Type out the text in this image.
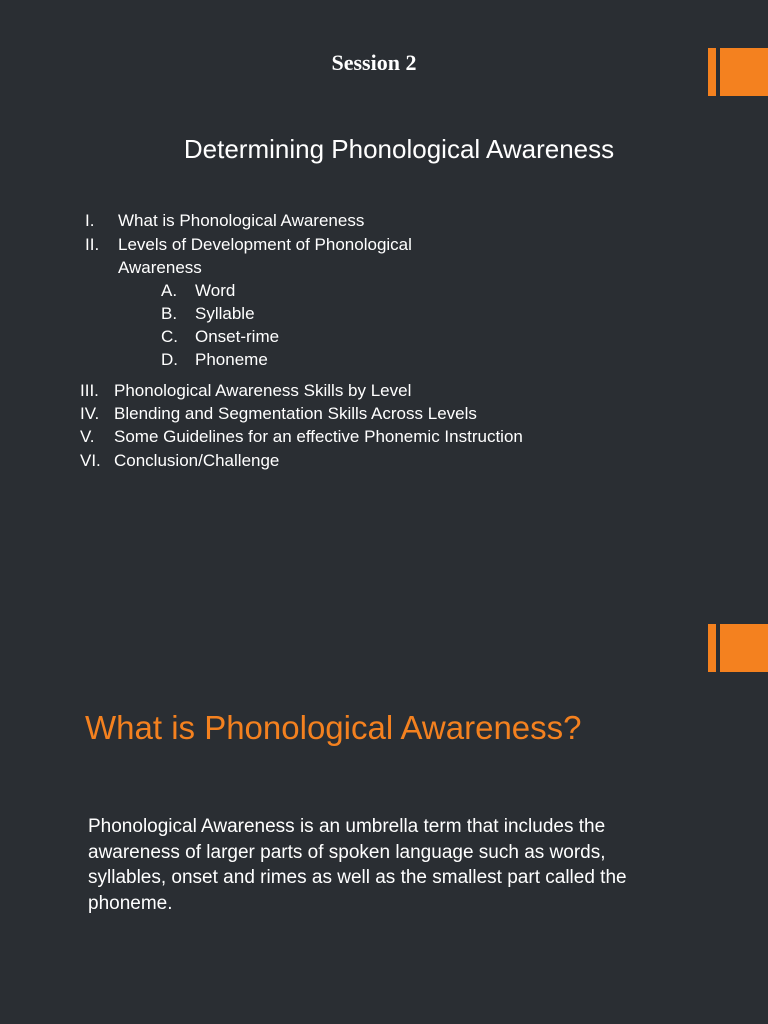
Session 2
Determining Phonological Awareness
I. What is Phonological Awareness
II. Levels of Development of Phonological
Awareness
A. Word
B. Syllable
C. Onset-rime
D. Phoneme
III. Phonological Awareness Skills by Level
IV. Blending and Segmentation Skills Across Levels
V. Some Guidelines for an effective Phonemic Instruction
VI. Conclusion/Challenge
What is Phonological Awareness?
Phonological Awareness is an umbrella term that includes the awareness of larger parts of spoken language such as words, syllables, onset and rimes as well as the smallest part called the phoneme.
